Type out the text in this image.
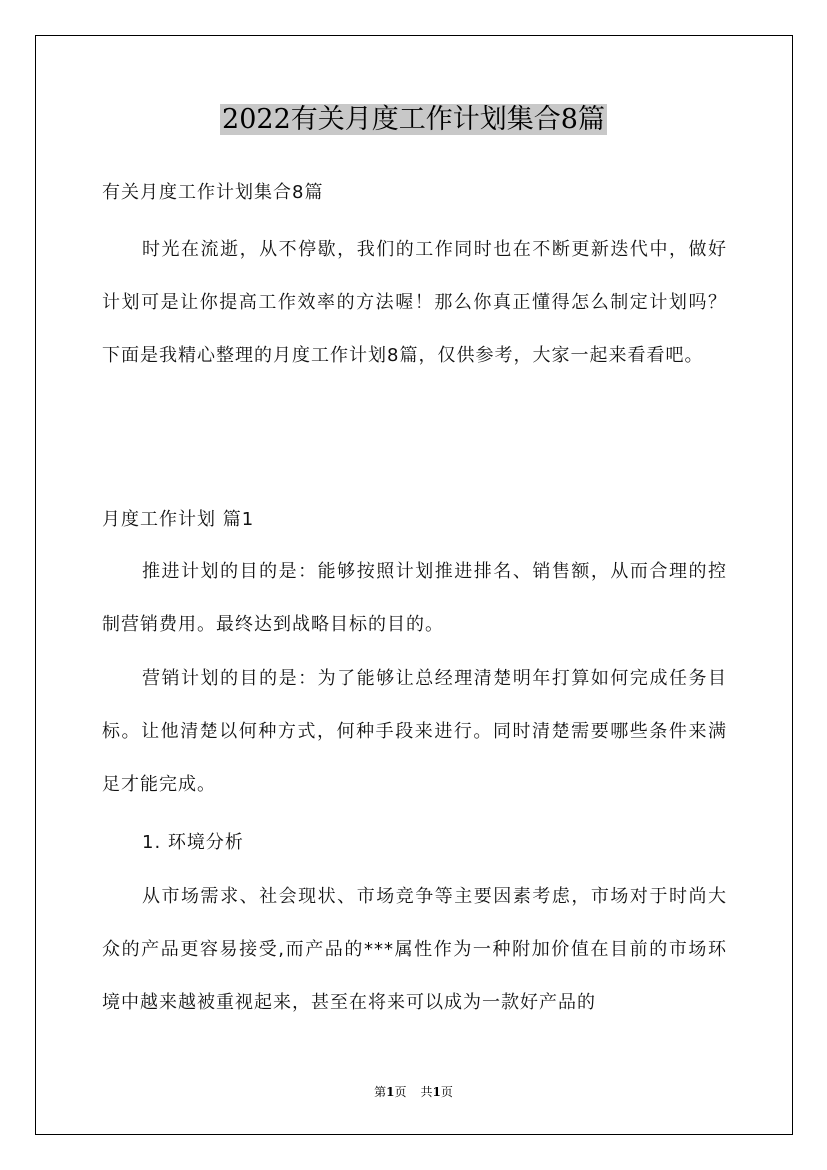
2022有关月度工作计划集合8篇

有关月度工作计划集合8篇

时光在流逝，从不停歇，我们的工作同时也在不断更新迭代中，做好计划可是让你提高工作效率的方法喔！那么你真正懂得怎么制定计划吗？下面是我精心整理的月度工作计划8篇，仅供参考，大家一起来看看吧。

月度工作计划 篇1

推进计划的目的是：能够按照计划推进排名、销售额，从而合理的控制营销费用。最终达到战略目标的目的。

营销计划的目的是：为了能够让总经理清楚明年打算如何完成任务目标。让他清楚以何种方式，何种手段来进行。同时清楚需要哪些条件来满足才能完成。

1. 环境分析

从市场需求、社会现状、市场竞争等主要因素考虑，市场对于时尚大众的产品更容易接受,而产品的***属性作为一种附加价值在目前的市场环境中越来越被重视起来，甚至在将来可以成为一款好产品的

第1页 共1页
